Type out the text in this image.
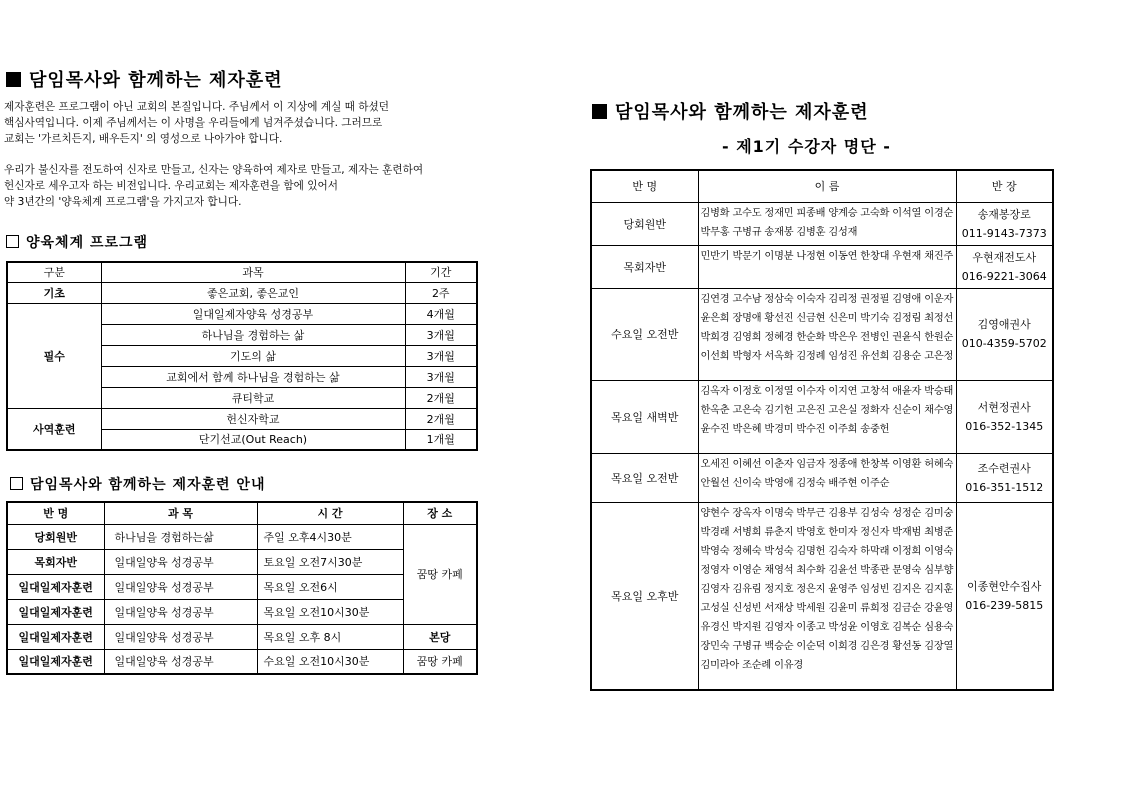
담임목사와 함께하는 제자훈련
제자훈련은 프로그램이 아닌 교회의 본질입니다. 주님께서 이 지상에 계실 때 하셨던
핵심사역입니다. 이제 주님께서는 이 사명을 우리들에게 넘겨주셨습니다. 그러므로
교회는 '가르치든지, 배우든지' 의 영성으로 나아가야 합니다.
우리가 불신자를 전도하여 신자로 만들고, 신자는 양육하여 제자로 만들고, 제자는 훈련하여
헌신자로 세우고자 하는 비전입니다. 우리교회는 제자훈련을 함에 있어서
약 3년간의 '양육체계 프로그램'을 가지고자 합니다.
양육체계 프로그램
구분	과목	기간
기초	좋은교회, 좋은교인	2주
필수	일대일제자양육 성경공부	4개월
	하나님을 경험하는 삶	3개월
	기도의 삶	3개월
	교회에서 함께 하나님을 경험하는 삶	3개월
	큐티학교	2개월
사역훈련	헌신자학교	2개월
	단기선교(Out Reach)	1개월
담임목사와 함께하는 제자훈련 안내
반 명	과 목	시 간	장 소
당회원반	하나님을 경험하는삶	주일 오후4시30분	꿈땅 카페
목회자반	일대일양육 성경공부	토요일 오전7시30분	
일대일제자훈련	일대일양육 성경공부	목요일 오전6시	
일대일제자훈련	일대일양육 성경공부	목요일 오전10시30분	
일대일제자훈련	일대일양육 성경공부	목요일 오후 8시	본당
일대일제자훈련	일대일양육 성경공부	수요일 오전10시30분	꿈땅 카페
담임목사와 함께하는 제자훈련
- 제1기 수강자 명단 -
반 명	이 름	반 장
당회원반	김병화 고수도 정재민 피종배 양계승 고숙화 이석열 이경순 박무홍 구병규 송재봉 김병훈 김성재	송재봉장로
011-9143-7373

목회자반	민반기 박문기 이명분 나정현 이동연 한창대 우현재 채진주	우현재전도사
016-9221-3064

수요일 오전반	김연경 고수남 정삼숙 이숙자 김리정 권정필 김영애 이운자 윤은희 장명애 황선진 신금현 신은미 박기숙 김정림 최정선 박희경 김영희 정혜경 한순화 박은우 전병인 권윤식 한원순 이선희 박형자 서옥화 김정례 임성진 유선희 김용순 고은정	김영애권사
010-4359-5702

목요일 새벽반	김옥자 이정호 이정열 이수자 이지연 고창석 애윤자 박승태 한옥춘 고은숙 김기헌 고은진 고은실 정화자 신순이 채수영 윤수진 박은혜 박경미 박수진 이주희 송중헌	서현정권사
016-352-1345

목요일 오전반	오세진 이혜선 이춘자 임금자 정종애 한창복 이영환 허혜숙 안월선 신이숙 박영애 김정숙 배주현 이주순	조수련권사
016-351-1512

목요일 오후반	양현수 장옥자 이명숙 박무근 김용부 김성숙 성정순 김미숭 박경래 서병희 류춘지 박영호 한미자 정신자 박재범 최병준 박영숙 정혜숙 박성숙 김명헌 김숙자 하막래 이정희 이영숙 정영자 이영순 채영석 최수화 김윤선 박종관 문영숙 심부향 김영자 김유림 정지호 정은지 윤영주 임성빈 김지은 김지훈 고성실 신성빈 서재상 박세원 김윤미 류희정 김금순 강윤영 유경신 박지원 김영자 이종고 박성윤 이영호 김복순 심용숙 장민숙 구병규 백승순 이순덕 이희경 김은경 황선동 김장열 김미라아 조순례 이유경	이종현안수집사
016-239-5815
